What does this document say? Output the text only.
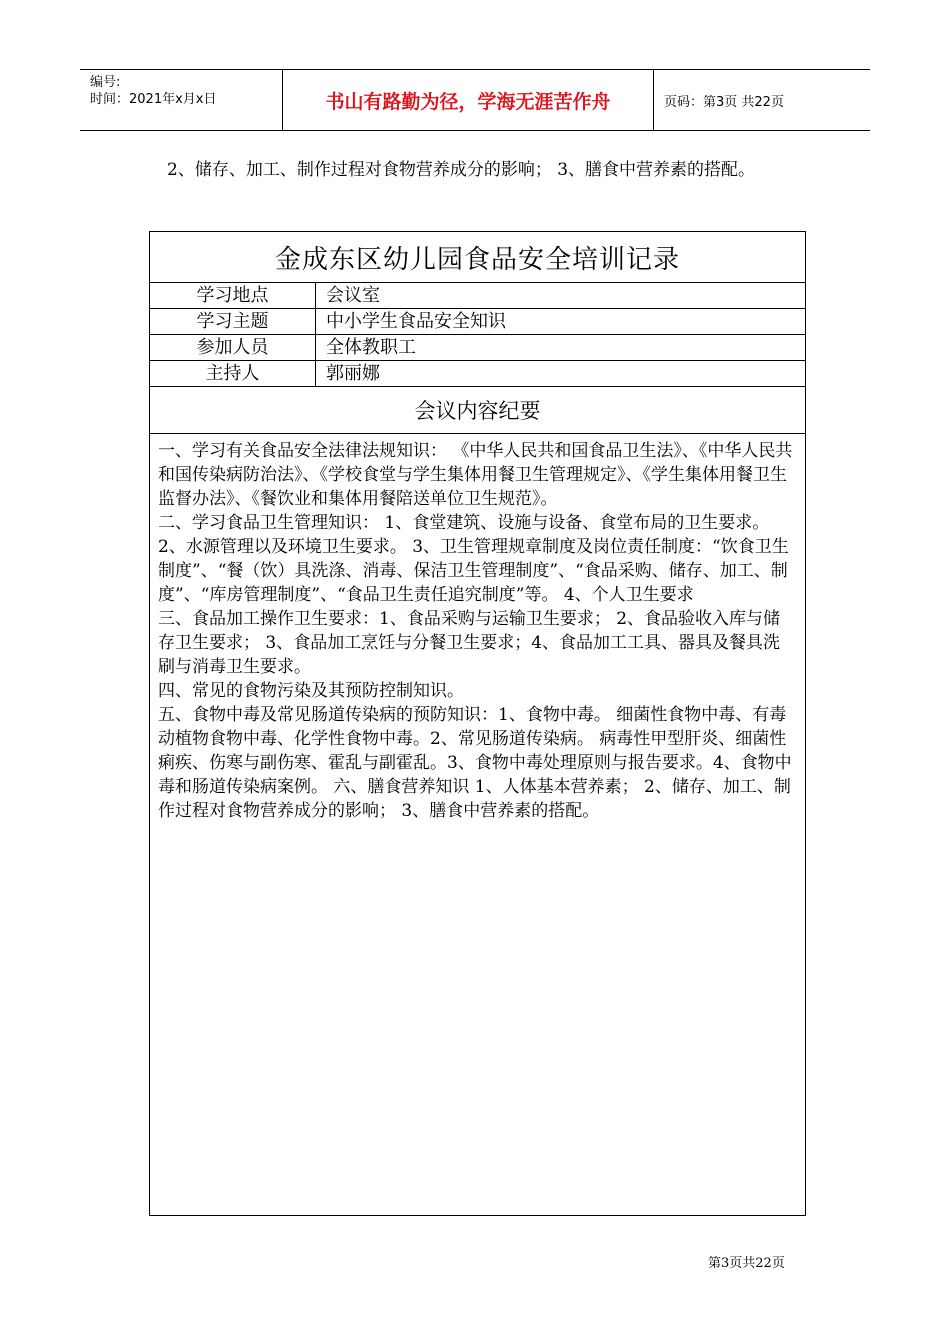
编号:
时间：2021年x月x日	书山有路勤为径，学海无涯苦作舟	页码：第3页 共22页
2、储存、加工、制作过程对食物营养成分的影响； 3、膳食中营养素的搭配。
金成东区幼儿园食品安全培训记录
学习地点	会议室
学习主题	中小学生食品安全知识
参加人员	全体教职工
主持人	郭丽娜
会议内容纪要

一、学习有关食品安全法律法规知识： 《中华人民共和国食品卫生法》、《中华人民共和国传染病防治法》、《学校食堂与学生集体用餐卫生管理规定》、《学生集体用餐卫生监督办法》、《餐饮业和集体用餐陪送单位卫生规范》。

二、学习食品卫生管理知识： 1、食堂建筑、设施与设备、食堂布局的卫生要求。 2、水源管理以及环境卫生要求。 3、卫生管理规章制度及岗位责任制度：“饮食卫生制度”、“餐（饮）具洗涤、消毒、保洁卫生管理制度”、“食品采购、储存、加工、制度”、“库房管理制度”、“食品卫生责任追究制度”等。 4、个人卫生要求

三、食品加工操作卫生要求：1、食品采购与运输卫生要求； 2、食品验收入库与储存卫生要求； 3、食品加工烹饪与分餐卫生要求；4、食品加工工具、器具及餐具洗刷与消毒卫生要求。

四、常见的食物污染及其预防控制知识。

五、食物中毒及常见肠道传染病的预防知识：1、食物中毒。 细菌性食物中毒、有毒动植物食物中毒、化学性食物中毒。2、常见肠道传染病。 病毒性甲型肝炎、细菌性痢疾、伤寒与副伤寒、霍乱与副霍乱。3、食物中毒处理原则与报告要求。4、食物中毒和肠道传染病案例。 六、膳食营养知识 1、人体基本营养素； 2、储存、加工、制作过程对食物营养成分的影响； 3、膳食中营养素的搭配。

第3页共22页
